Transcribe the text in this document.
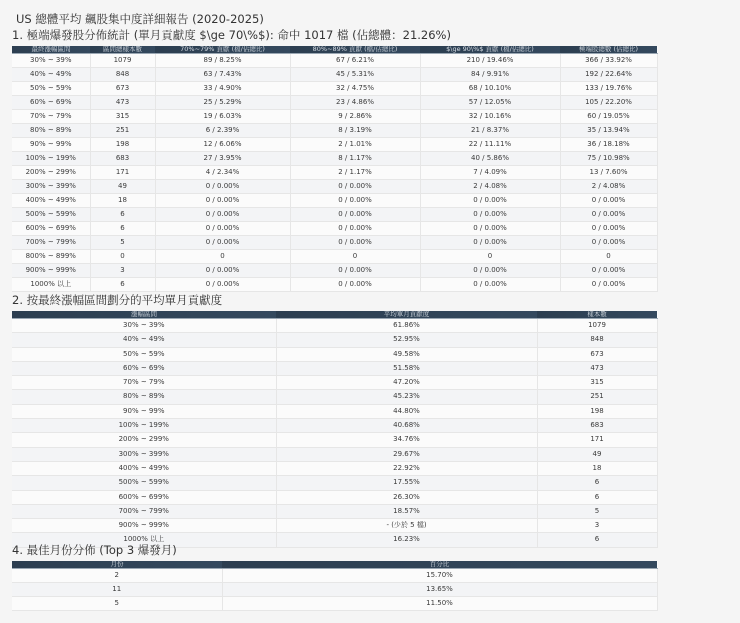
US 總體平均 飆股集中度詳細報告 (2020-2025)
1. 極端爆發股分佈統計 (單月貢獻度 $\ge 70\%$): 命中 1017 檔 (佔總體：21.26%)
最終漲幅區間	區間總樣本數	70%~79% 貢獻 (檔/佔總比)	80%~89% 貢獻 (檔/佔總比)	$\ge 90\%$ 貢獻 (檔/佔總比)	極端股總數 (佔總比)
30% ~ 39%	1079	89 / 8.25%	67 / 6.21%	210 / 19.46%	366 / 33.92%
40% ~ 49%	848	63 / 7.43%	45 / 5.31%	84 / 9.91%	192 / 22.64%
50% ~ 59%	673	33 / 4.90%	32 / 4.75%	68 / 10.10%	133 / 19.76%
60% ~ 69%	473	25 / 5.29%	23 / 4.86%	57 / 12.05%	105 / 22.20%
70% ~ 79%	315	19 / 6.03%	9 / 2.86%	32 / 10.16%	60 / 19.05%
80% ~ 89%	251	6 / 2.39%	8 / 3.19%	21 / 8.37%	35 / 13.94%
90% ~ 99%	198	12 / 6.06%	2 / 1.01%	22 / 11.11%	36 / 18.18%
100% ~ 199%	683	27 / 3.95%	8 / 1.17%	40 / 5.86%	75 / 10.98%
200% ~ 299%	171	4 / 2.34%	2 / 1.17%	7 / 4.09%	13 / 7.60%
300% ~ 399%	49	0 / 0.00%	0 / 0.00%	2 / 4.08%	2 / 4.08%
400% ~ 499%	18	0 / 0.00%	0 / 0.00%	0 / 0.00%	0 / 0.00%
500% ~ 599%	6	0 / 0.00%	0 / 0.00%	0 / 0.00%	0 / 0.00%
600% ~ 699%	6	0 / 0.00%	0 / 0.00%	0 / 0.00%	0 / 0.00%
700% ~ 799%	5	0 / 0.00%	0 / 0.00%	0 / 0.00%	0 / 0.00%
800% ~ 899%	0	0	0	0	0
900% ~ 999%	3	0 / 0.00%	0 / 0.00%	0 / 0.00%	0 / 0.00%
1000% 以上	6	0 / 0.00%	0 / 0.00%	0 / 0.00%	0 / 0.00%
2. 按最終漲幅區間劃分的平均單月貢獻度
漲幅區間	平均單月貢獻度	樣本數
30% ~ 39%	61.86%	1079
40% ~ 49%	52.95%	848
50% ~ 59%	49.58%	673
60% ~ 69%	51.58%	473
70% ~ 79%	47.20%	315
80% ~ 89%	45.23%	251
90% ~ 99%	44.80%	198
100% ~ 199%	40.68%	683
200% ~ 299%	34.76%	171
300% ~ 399%	29.67%	49
400% ~ 499%	22.92%	18
500% ~ 599%	17.55%	6
600% ~ 699%	26.30%	6
700% ~ 799%	18.57%	5
900% ~ 999%	- (少於 5 檔)	3
1000% 以上	16.23%	6
4. 最佳月份分佈 (Top 3 爆發月)
月份	百分比
2	15.70%
11	13.65%
5	11.50%
